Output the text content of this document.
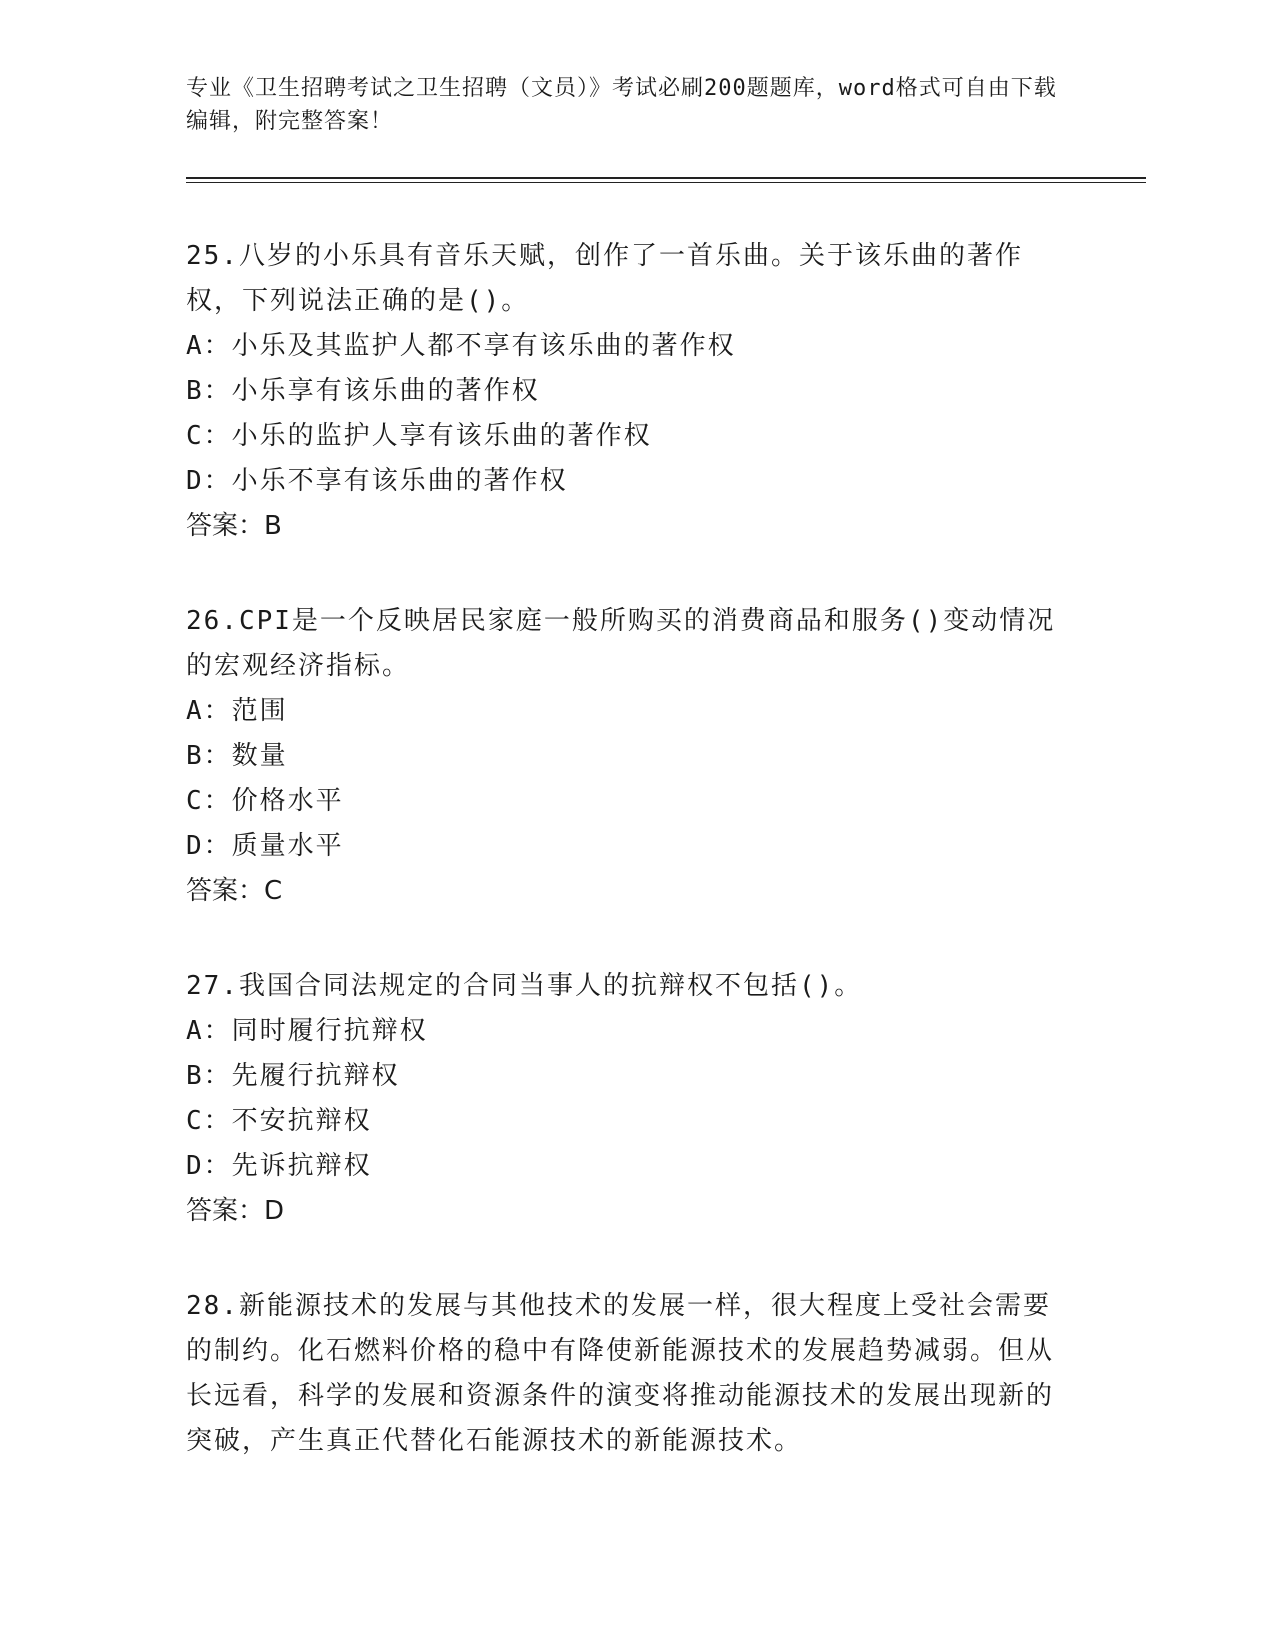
专业《卫生招聘考试之卫生招聘（文员）》考试必刷200题题库，word格式可自由下载编辑，附完整答案！

25.八岁的小乐具有音乐天赋，创作了一首乐曲。关于该乐曲的著作权，下列说法正确的是()。

A： 小乐及其监护人都不享有该乐曲的著作权
B： 小乐享有该乐曲的著作权
C： 小乐的监护人享有该乐曲的著作权
D： 小乐不享有该乐曲的著作权

答案：B

26.CPI是一个反映居民家庭一般所购买的消费商品和服务()变动情况的宏观经济指标。

A： 范围
B： 数量
C： 价格水平
D： 质量水平

答案：C

27.我国合同法规定的合同当事人的抗辩权不包括()。

A： 同时履行抗辩权
B： 先履行抗辩权
C： 不安抗辩权
D： 先诉抗辩权

答案：D

28.新能源技术的发展与其他技术的发展一样，很大程度上受社会需要的制约。化石燃料价格的稳中有降使新能源技术的发展趋势减弱。但从长远看，科学的发展和资源条件的演变将推动能源技术的发展出现新的突破，产生真正代替化石能源技术的新能源技术。
